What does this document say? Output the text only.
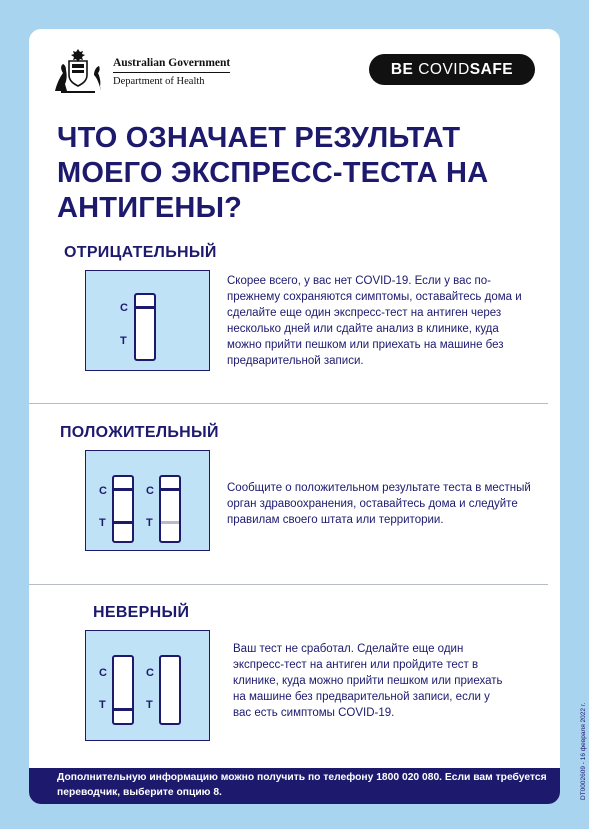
Australian Government
Department of Health
BE COVIDSAFE
ЧТО ОЗНАЧАЕТ РЕЗУЛЬТАТ МОЕГО ЭКСПРЕСС-ТЕСТА НА АНТИГЕНЫ?
ОТРИЦАТЕЛЬНЫЙ
C
T

Скорее всего, у вас нет COVID-19. Если у вас по-прежнему сохраняются симптомы, оставайтесь дома и сделайте еще один экспресс-тест на антиген через несколько дней или сдайте анализ в клинике, куда можно прийти пешком или приехать на машине без предварительной записи.

ПОЛОЖИТЕЛЬНЫЙ
C
T
C
T

Сообщите о положительном результате теста в местный орган здравоохранения, оставайтесь дома и следуйте правилам своего штата или территории.

НЕВЕРНЫЙ
C
T
C
T

Ваш тест не сработал. Сделайте еще один экспресс-тест на антиген или пройдите тест в клинике, куда можно прийти пешком или приехать на машине без предварительной записи, если у вас есть симптомы COVID-19.

Дополнительную информацию можно получить по телефону 1800 020 080. Если вам требуется переводчик, выберите опцию 8.	DT0002609 - 16 февраля 2022 г.
